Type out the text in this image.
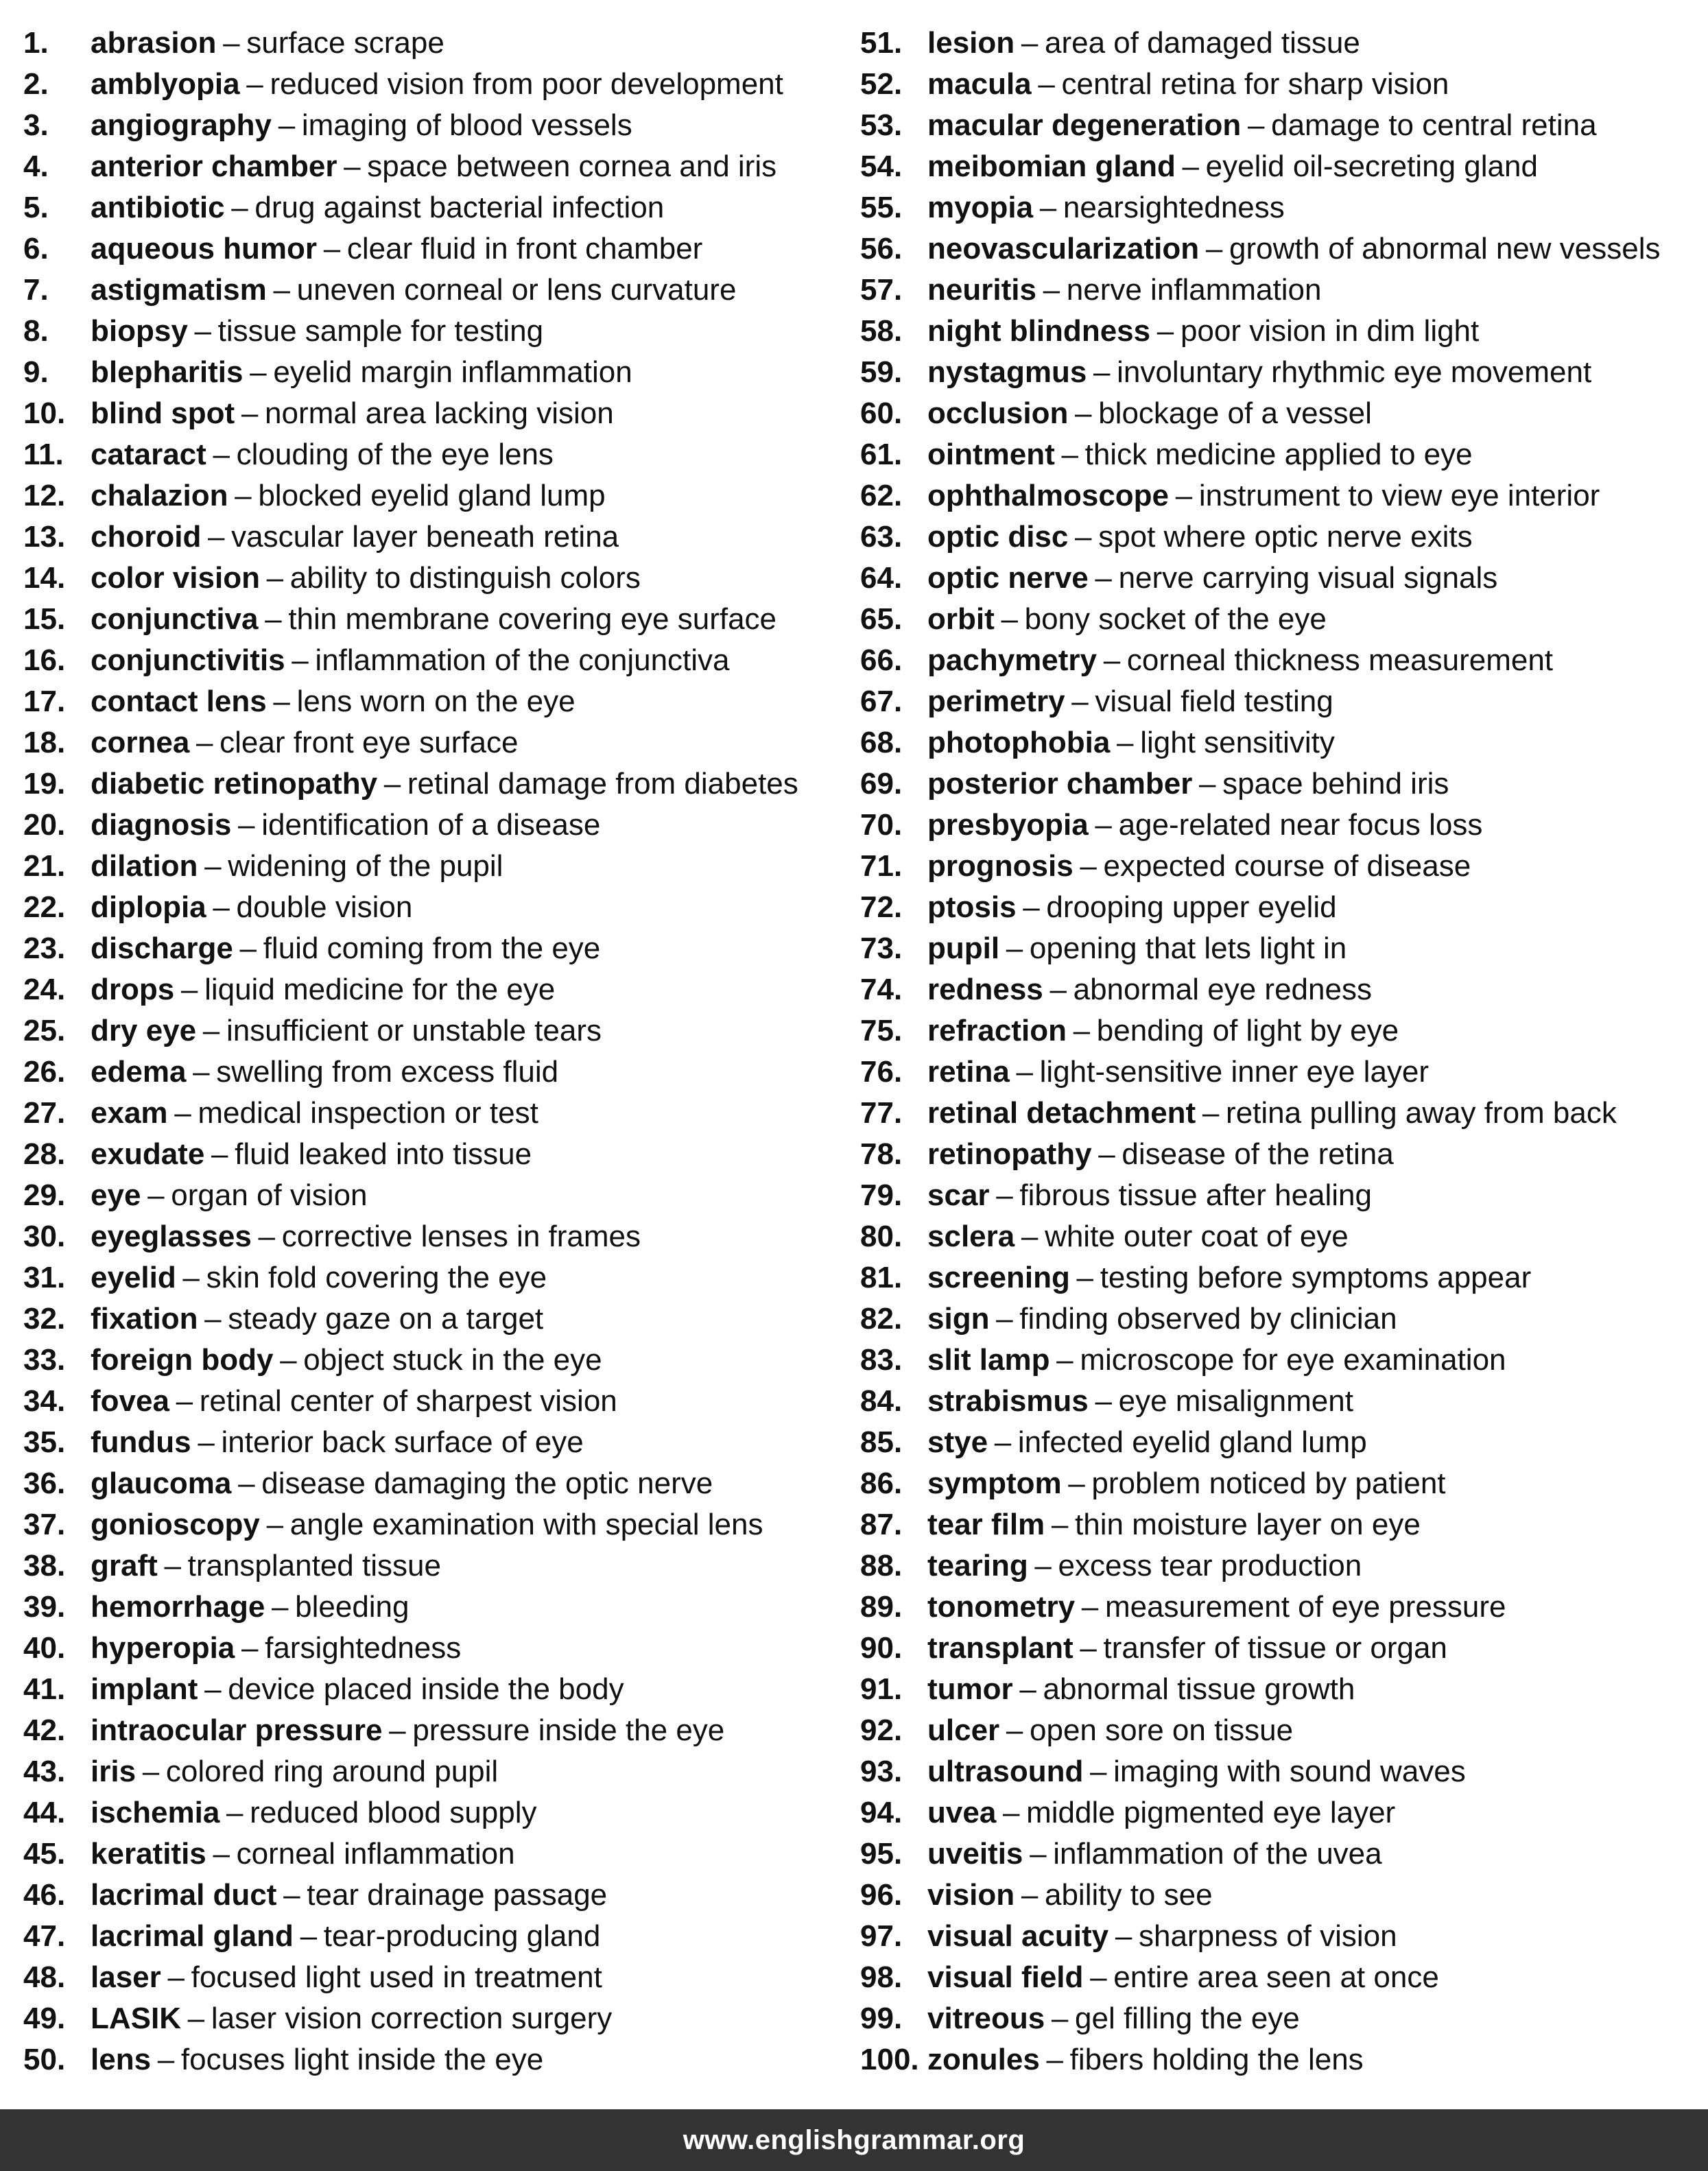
1.	abrasion – surface scrape
2.	amblyopia – reduced vision from poor development
3.	angiography – imaging of blood vessels
4.	anterior chamber – space between cornea and iris
5.	antibiotic – drug against bacterial infection
6.	aqueous humor – clear fluid in front chamber
7.	astigmatism – uneven corneal or lens curvature
8.	biopsy – tissue sample for testing
9.	blepharitis – eyelid margin inflammation
10. blind spot – normal area lacking vision
11. cataract – clouding of the eye lens
12. chalazion – blocked eyelid gland lump
13. choroid – vascular layer beneath retina
14. color vision – ability to distinguish colors
15. conjunctiva – thin membrane covering eye surface
16. conjunctivitis – inflammation of the conjunctiva
17. contact lens – lens worn on the eye
18. cornea – clear front eye surface
19. diabetic retinopathy – retinal damage from diabetes
20. diagnosis – identification of a disease
21. dilation – widening of the pupil
22. diplopia – double vision
23. discharge – fluid coming from the eye
24. drops – liquid medicine for the eye
25. dry eye – insufficient or unstable tears
26. edema – swelling from excess fluid
27. exam – medical inspection or test
28. exudate – fluid leaked into tissue
29. eye – organ of vision
30. eyeglasses – corrective lenses in frames
31. eyelid – skin fold covering the eye
32. fixation – steady gaze on a target
33. foreign body – object stuck in the eye
34. fovea – retinal center of sharpest vision
35. fundus – interior back surface of eye
36. glaucoma – disease damaging the optic nerve
37. gonioscopy – angle examination with special lens
38. graft – transplanted tissue
39. hemorrhage – bleeding
40. hyperopia – farsightedness
41. implant – device placed inside the body
42. intraocular pressure – pressure inside the eye
43. iris – colored ring around pupil
44. ischemia – reduced blood supply
45. keratitis – corneal inflammation
46. lacrimal duct – tear drainage passage
47. lacrimal gland – tear-producing gland
48. laser – focused light used in treatment
49. LASIK – laser vision correction surgery
50. lens – focuses light inside the eye
51. lesion – area of damaged tissue
52. macula – central retina for sharp vision
53. macular degeneration – damage to central retina
54. meibomian gland – eyelid oil-secreting gland
55. myopia – nearsightedness
56. neovascularization – growth of abnormal new vessels
57. neuritis – nerve inflammation
58. night blindness – poor vision in dim light
59. nystagmus – involuntary rhythmic eye movement
60. occlusion – blockage of a vessel
61. ointment – thick medicine applied to eye
62. ophthalmoscope – instrument to view eye interior
63. optic disc – spot where optic nerve exits
64. optic nerve – nerve carrying visual signals
65. orbit – bony socket of the eye
66. pachymetry – corneal thickness measurement
67. perimetry – visual field testing
68. photophobia – light sensitivity
69. posterior chamber – space behind iris
70. presbyopia – age-related near focus loss
71. prognosis – expected course of disease
72. ptosis – drooping upper eyelid
73. pupil – opening that lets light in
74. redness – abnormal eye redness
75. refraction – bending of light by eye
76. retina – light-sensitive inner eye layer
77. retinal detachment – retina pulling away from back
78. retinopathy – disease of the retina
79. scar – fibrous tissue after healing
80. sclera – white outer coat of eye
81. screening – testing before symptoms appear
82. sign – finding observed by clinician
83. slit lamp – microscope for eye examination
84. strabismus – eye misalignment
85. stye – infected eyelid gland lump
86. symptom – problem noticed by patient
87. tear film – thin moisture layer on eye
88. tearing – excess tear production
89. tonometry – measurement of eye pressure
90. transplant – transfer of tissue or organ
91. tumor – abnormal tissue growth
92. ulcer – open sore on tissue
93. ultrasound – imaging with sound waves
94. uvea – middle pigmented eye layer
95. uveitis – inflammation of the uvea
96. vision – ability to see
97. visual acuity – sharpness of vision
98. visual field – entire area seen at once
99. vitreous – gel filling the eye
100. zonules – fibers holding the lens
www.englishgrammar.org
